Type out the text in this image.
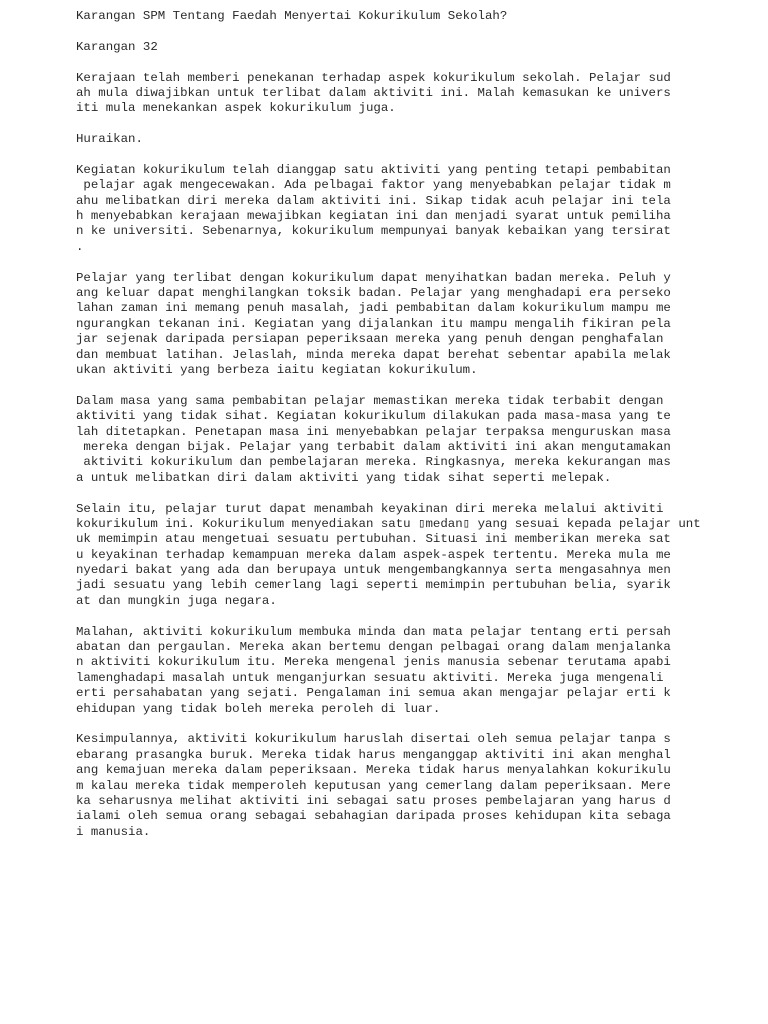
Karangan SPM Tentang Faedah Menyertai Kokurikulum Sekolah?
Karangan 32
Kerajaan telah memberi penekanan terhadap aspek kokurikulum sekolah. Pelajar sud
ah mula diwajibkan untuk terlibat dalam aktiviti ini. Malah kemasukan ke univers
iti mula menekankan aspek kokurikulum juga.
Huraikan.
Kegiatan kokurikulum telah dianggap satu aktiviti yang penting tetapi pembabitan
pelajar agak mengecewakan. Ada pelbagai faktor yang menyebabkan pelajar tidak m
ahu melibatkan diri mereka dalam aktiviti ini. Sikap tidak acuh pelajar ini tela
h menyebabkan kerajaan mewajibkan kegiatan ini dan menjadi syarat untuk pemiliha
n ke universiti. Sebenarnya, kokurikulum mempunyai banyak kebaikan yang tersirat
.
Pelajar yang terlibat dengan kokurikulum dapat menyihatkan badan mereka. Peluh y
ang keluar dapat menghilangkan toksik badan. Pelajar yang menghadapi era perseko
lahan zaman ini memang penuh masalah, jadi pembabitan dalam kokurikulum mampu me
ngurangkan tekanan ini. Kegiatan yang dijalankan itu mampu mengalih fikiran pela
jar sejenak daripada persiapan peperiksaan mereka yang penuh dengan penghafalan
dan membuat latihan. Jelaslah, minda mereka dapat berehat sebentar apabila melak
ukan aktiviti yang berbeza iaitu kegiatan kokurikulum.
Dalam masa yang sama pembabitan pelajar memastikan mereka tidak terbabit dengan
aktiviti yang tidak sihat. Kegiatan kokurikulum dilakukan pada masa-masa yang te
lah ditetapkan. Penetapan masa ini menyebabkan pelajar terpaksa menguruskan masa
mereka dengan bijak. Pelajar yang terbabit dalam aktiviti ini akan mengutamakan
aktiviti kokurikulum dan pembelajaran mereka. Ringkasnya, mereka kekurangan mas
a untuk melibatkan diri dalam aktiviti yang tidak sihat seperti melepak.
Selain itu, pelajar turut dapat menambah keyakinan diri mereka melalui aktiviti
kokurikulum ini. Kokurikulum menyediakan satu ▯medan▯ yang sesuai kepada pelajar unt
uk memimpin atau mengetuai sesuatu pertubuhan. Situasi ini memberikan mereka sat
u keyakinan terhadap kemampuan mereka dalam aspek-aspek tertentu. Mereka mula me
nyedari bakat yang ada dan berupaya untuk mengembangkannya serta mengasahnya men
jadi sesuatu yang lebih cemerlang lagi seperti memimpin pertubuhan belia, syarik
at dan mungkin juga negara.
Malahan, aktiviti kokurikulum membuka minda dan mata pelajar tentang erti persah
abatan dan pergaulan. Mereka akan bertemu dengan pelbagai orang dalam menjalanka
n aktiviti kokurikulum itu. Mereka mengenal jenis manusia sebenar terutama apabi
lamenghadapi masalah untuk menganjurkan sesuatu aktiviti. Mereka juga mengenali
erti persahabatan yang sejati. Pengalaman ini semua akan mengajar pelajar erti k
ehidupan yang tidak boleh mereka peroleh di luar.
Kesimpulannya, aktiviti kokurikulum haruslah disertai oleh semua pelajar tanpa s
ebarang prasangka buruk. Mereka tidak harus menganggap aktiviti ini akan menghal
ang kemajuan mereka dalam peperiksaan. Mereka tidak harus menyalahkan kokurikulu
m kalau mereka tidak memperoleh keputusan yang cemerlang dalam peperiksaan. Mere
ka seharusnya melihat aktiviti ini sebagai satu proses pembelajaran yang harus d
ialami oleh semua orang sebagai sebahagian daripada proses kehidupan kita sebaga
i manusia.
